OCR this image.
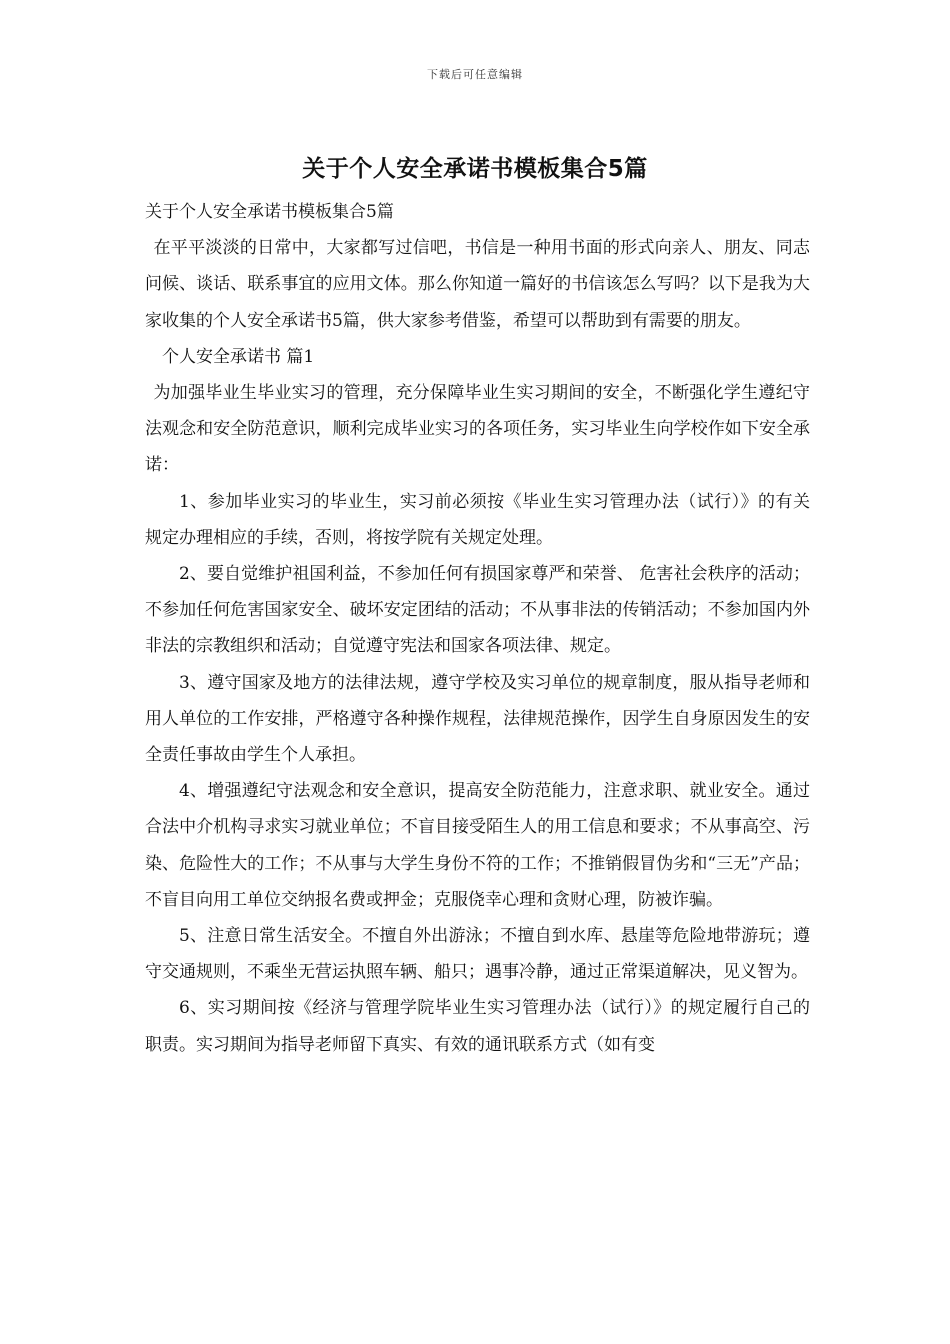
下载后可任意编辑
关于个人安全承诺书模板集合5篇

关于个人安全承诺书模板集合5篇

在平平淡淡的日常中，大家都写过信吧，书信是一种用书面的形式向亲人、朋友、同志问候、谈话、联系事宜的应用文体。那么你知道一篇好的书信该怎么写吗？以下是我为大家收集的个人安全承诺书5篇，供大家参考借鉴，希望可以帮助到有需要的朋友。

个人安全承诺书 篇1

为加强毕业生毕业实习的管理，充分保障毕业生实习期间的安全，不断强化学生遵纪守法观念和安全防范意识，顺利完成毕业实习的各项任务，实习毕业生向学校作如下安全承诺：

1、参加毕业实习的毕业生，实习前必须按《毕业生实习管理办法（试行）》的有关规定办理相应的手续，否则，将按学院有关规定处理。

2、要自觉维护祖国利益，不参加任何有损国家尊严和荣誉、 危害社会秩序的活动；不参加任何危害国家安全、破坏安定团结的活动；不从事非法的传销活动；不参加国内外非法的宗教组织和活动；自觉遵守宪法和国家各项法律、规定。

3、遵守国家及地方的法律法规，遵守学校及实习单位的规章制度，服从指导老师和用人单位的工作安排，严格遵守各种操作规程，法律规范操作，因学生自身原因发生的安全责任事故由学生个人承担。

4、增强遵纪守法观念和安全意识，提高安全防范能力，注意求职、就业安全。通过合法中介机构寻求实习就业单位；不盲目接受陌生人的用工信息和要求；不从事高空、污染、危险性大的工作；不从事与大学生身份不符的工作；不推销假冒伪劣和“三无”产品；不盲目向用工单位交纳报名费或押金；克服侥幸心理和贪财心理，防被诈骗。

5、注意日常生活安全。不擅自外出游泳；不擅自到水库、悬崖等危险地带游玩；遵守交通规则，不乘坐无营运执照车辆、船只；遇事冷静，通过正常渠道解决，见义智为。

6、实习期间按《经济与管理学院毕业生实习管理办法（试行）》的规定履行自己的职责。实习期间为指导老师留下真实、有效的通讯联系方式（如有变
